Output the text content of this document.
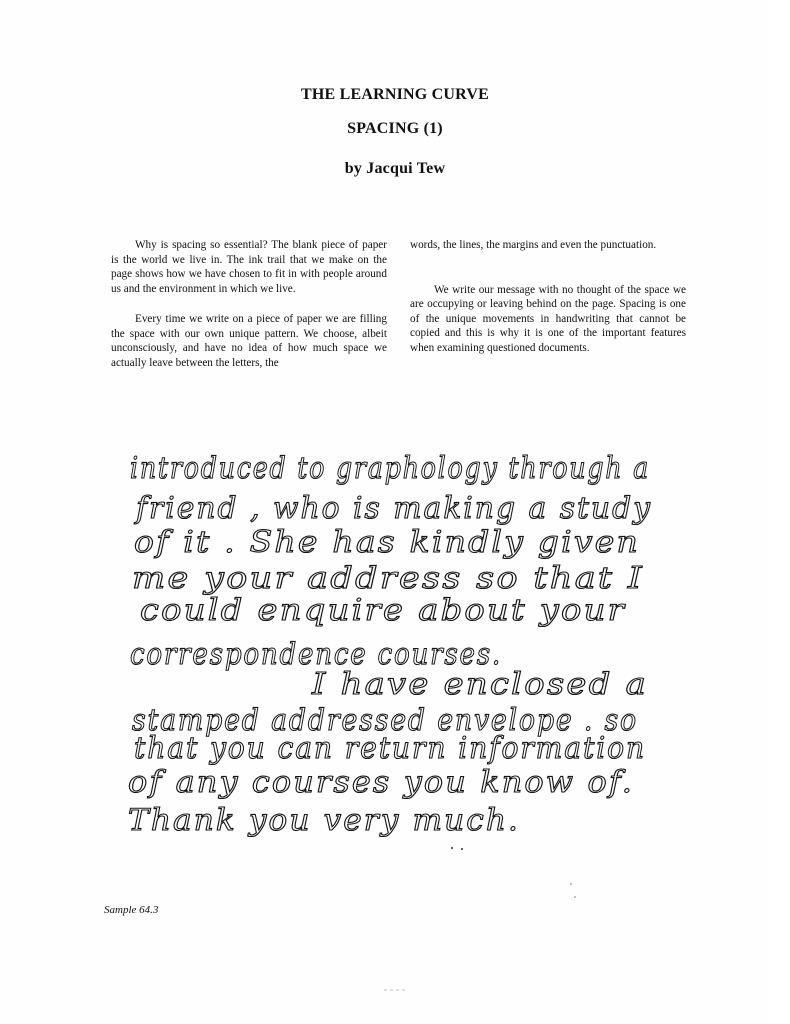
THE LEARNING CURVE
SPACING (1)
by Jacqui Tew

Why is spacing so essential? The blank piece of paper is the world we live in. The ink trail that we make on the page shows how we have chosen to fit in with people around us and the environment in which we live.

Every time we write on a piece of paper we are filling the space with our own unique pattern. We choose, albeit unconsciously, and have no idea of how much space we actually leave between the letters, the

words, the lines, the margins and even the punctuation.

We write our message with no thought of the space we are occupying or leaving behind on the page. Spacing is one of the unique movements in handwriting that cannot be copied and this is why it is one of the important features when examining questioned documents.

introduced to graphology through a
friend , who is making a study
of it . She has kindly given
me your address so that I
could enquire about your
correspondence courses.
I have enclosed a
stamped addressed envelope . so
that you can return information
of any courses you know of.
Thank you very much.
Sample 64.3
